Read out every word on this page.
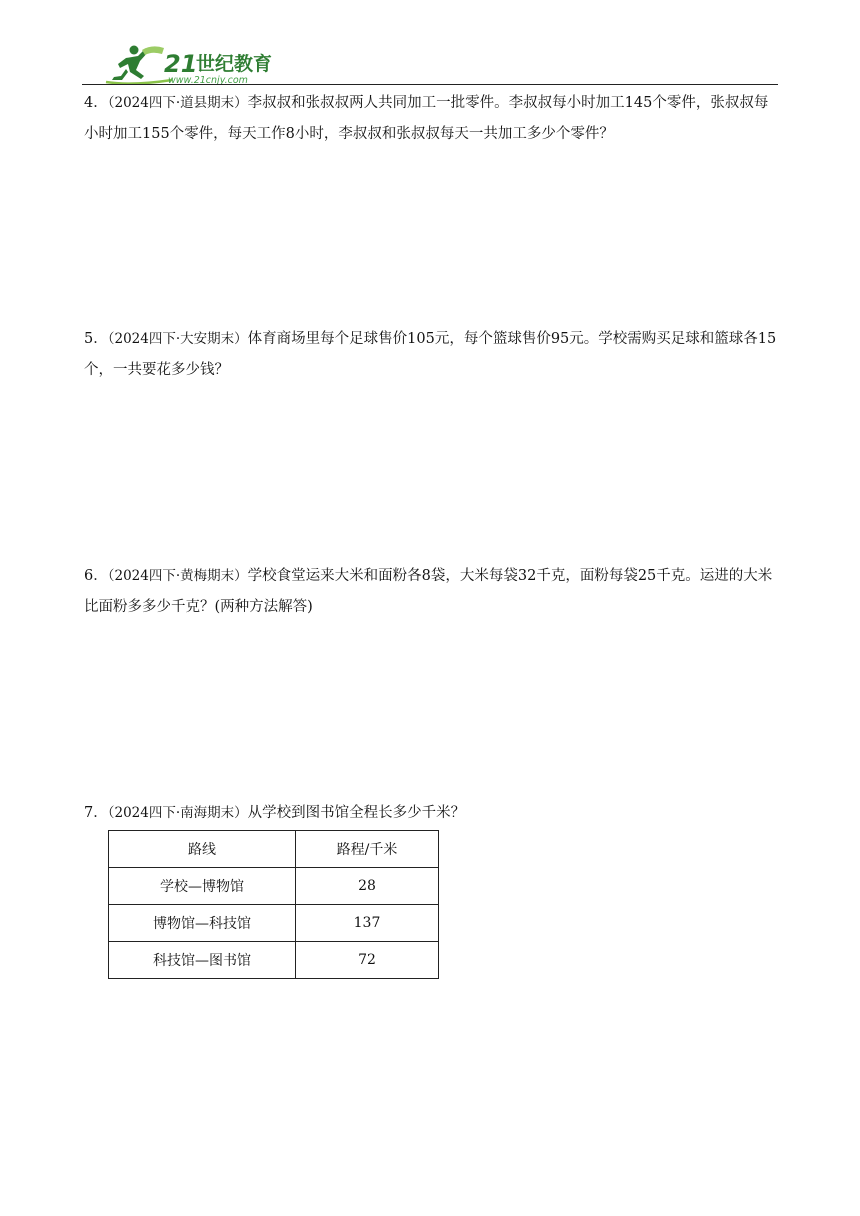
21
世纪教育
www.21cnjy.com

4．（2024四下·道县期末）李叔叔和张叔叔两人共同加工一批零件。李叔叔每小时加工145个零件，张叔叔每小时加工155个零件，每天工作8小时，李叔叔和张叔叔每天一共加工多少个零件？

5．（2024四下·大安期末）体育商场里每个足球售价105元，每个篮球售价95元。学校需购买足球和篮球各15个，一共要花多少钱？

6．（2024四下·黄梅期末）学校食堂运来大米和面粉各8袋，大米每袋32千克，面粉每袋25千克。运进的大米比面粉多多少千克？(两种方法解答)

7．（2024四下·南海期末）从学校到图书馆全程长多少千米？

路线	路程/千米
学校—博物馆	28
博物馆—科技馆	137
科技馆—图书馆	72
